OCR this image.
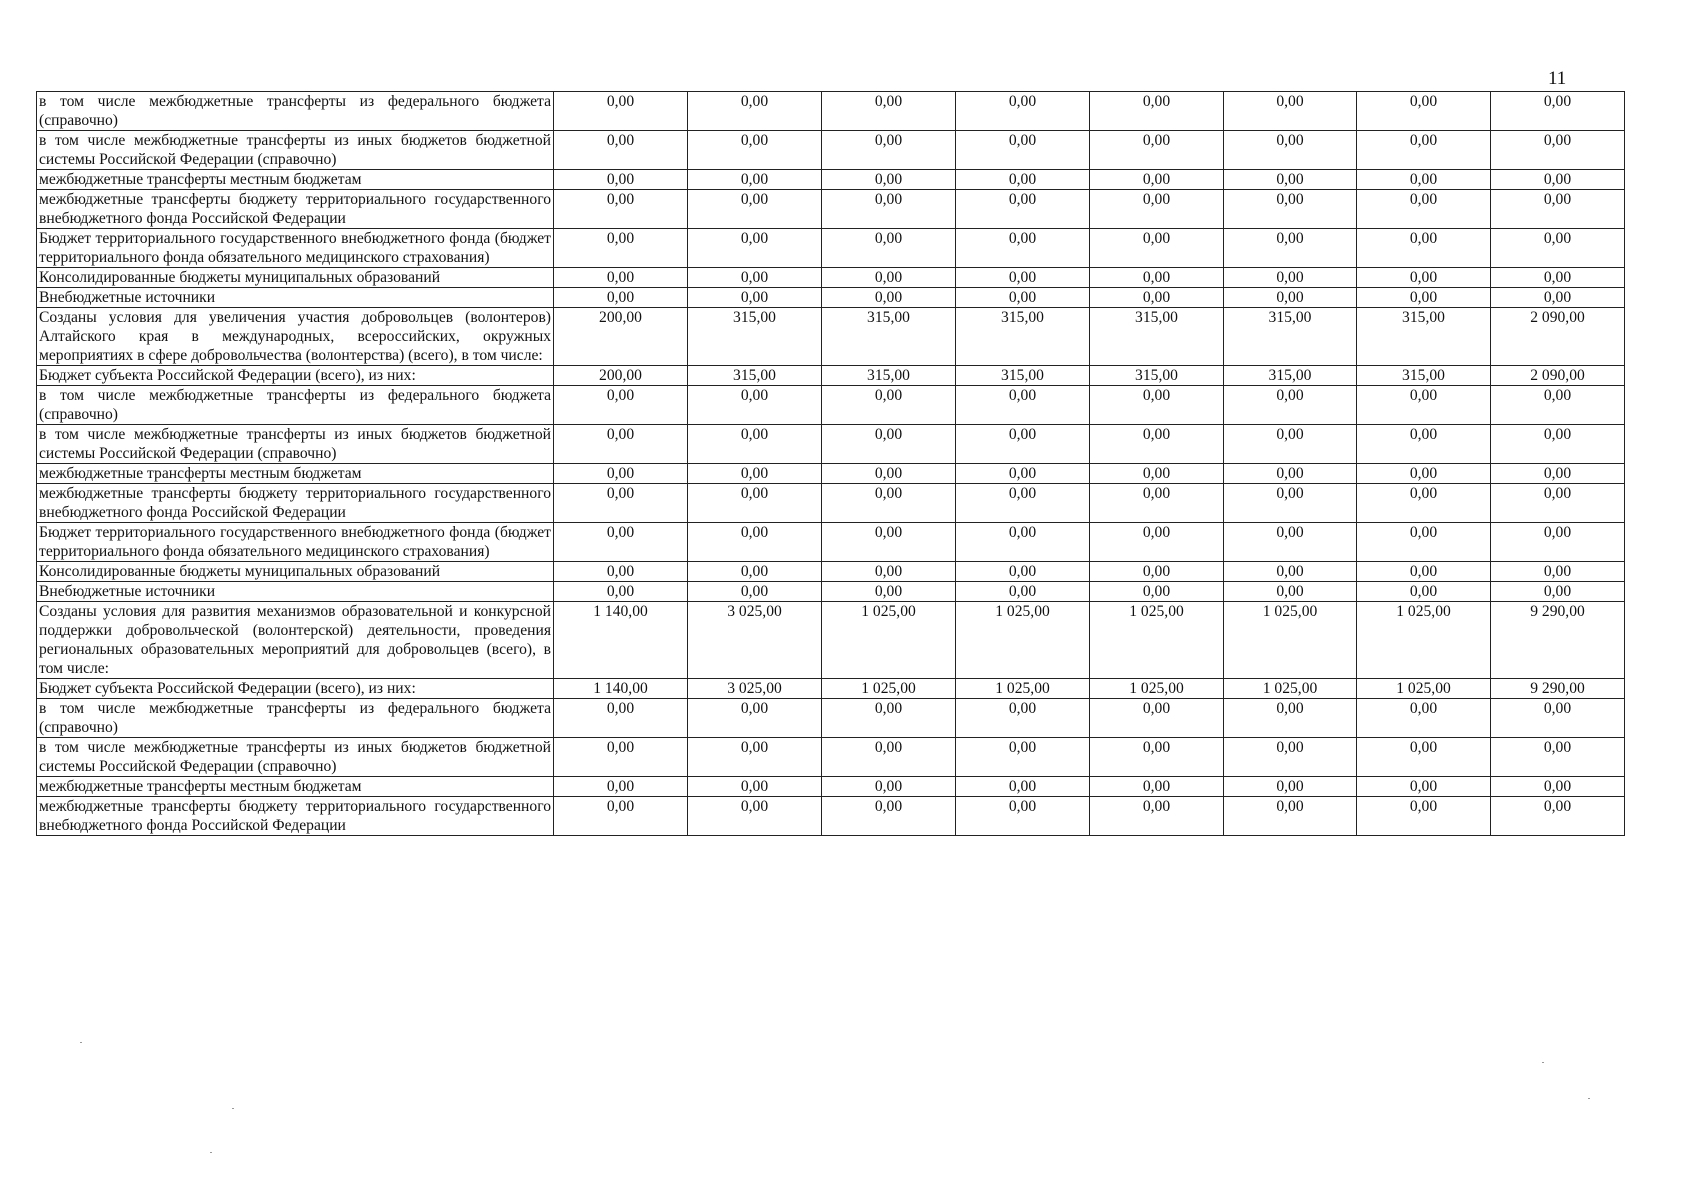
11
в том числе межбюджетные трансферты из федерального бюджета (справочно)	0,00	0,00	0,00	0,00	0,00	0,00	0,00	0,00
в том числе межбюджетные трансферты из иных бюджетов бюджетной системы Российской Федерации (справочно)	0,00	0,00	0,00	0,00	0,00	0,00	0,00	0,00
межбюджетные трансферты местным бюджетам	0,00	0,00	0,00	0,00	0,00	0,00	0,00	0,00
межбюджетные трансферты бюджету территориального государственного внебюджетного фонда Российской Федерации	0,00	0,00	0,00	0,00	0,00	0,00	0,00	0,00
Бюджет территориального государственного внебюджетного фонда (бюджет территориального фонда обязательного медицинского страхования)	0,00	0,00	0,00	0,00	0,00	0,00	0,00	0,00
Консолидированные бюджеты муниципальных образований	0,00	0,00	0,00	0,00	0,00	0,00	0,00	0,00
Внебюджетные источники	0,00	0,00	0,00	0,00	0,00	0,00	0,00	0,00
Созданы условия для увеличения участия добровольцев (волонтеров) Алтайского края в международных, всероссийских, окружных мероприятиях в сфере добровольчества (волонтерства) (всего), в том числе:	200,00	315,00	315,00	315,00	315,00	315,00	315,00	2 090,00
Бюджет субъекта Российской Федерации (всего), из них:	200,00	315,00	315,00	315,00	315,00	315,00	315,00	2 090,00
в том числе межбюджетные трансферты из федерального бюджета (справочно)	0,00	0,00	0,00	0,00	0,00	0,00	0,00	0,00
в том числе межбюджетные трансферты из иных бюджетов бюджетной системы Российской Федерации (справочно)	0,00	0,00	0,00	0,00	0,00	0,00	0,00	0,00
межбюджетные трансферты местным бюджетам	0,00	0,00	0,00	0,00	0,00	0,00	0,00	0,00
межбюджетные трансферты бюджету территориального государственного внебюджетного фонда Российской Федерации	0,00	0,00	0,00	0,00	0,00	0,00	0,00	0,00
Бюджет территориального государственного внебюджетного фонда (бюджет территориального фонда обязательного медицинского страхования)	0,00	0,00	0,00	0,00	0,00	0,00	0,00	0,00
Консолидированные бюджеты муниципальных образований	0,00	0,00	0,00	0,00	0,00	0,00	0,00	0,00
Внебюджетные источники	0,00	0,00	0,00	0,00	0,00	0,00	0,00	0,00
Созданы условия для развития механизмов образовательной и конкурсной поддержки добровольческой (волонтерской) деятельности, проведения региональных образовательных мероприятий для добровольцев (всего), в том числе:	1 140,00	3 025,00	1 025,00	1 025,00	1 025,00	1 025,00	1 025,00	9 290,00
Бюджет субъекта Российской Федерации (всего), из них:	1 140,00	3 025,00	1 025,00	1 025,00	1 025,00	1 025,00	1 025,00	9 290,00
в том числе межбюджетные трансферты из федерального бюджета (справочно)	0,00	0,00	0,00	0,00	0,00	0,00	0,00	0,00
в том числе межбюджетные трансферты из иных бюджетов бюджетной системы Российской Федерации (справочно)	0,00	0,00	0,00	0,00	0,00	0,00	0,00	0,00
межбюджетные трансферты местным бюджетам	0,00	0,00	0,00	0,00	0,00	0,00	0,00	0,00
межбюджетные трансферты бюджету территориального государственного внебюджетного фонда Российской Федерации	0,00	0,00	0,00	0,00	0,00	0,00	0,00	0,00
